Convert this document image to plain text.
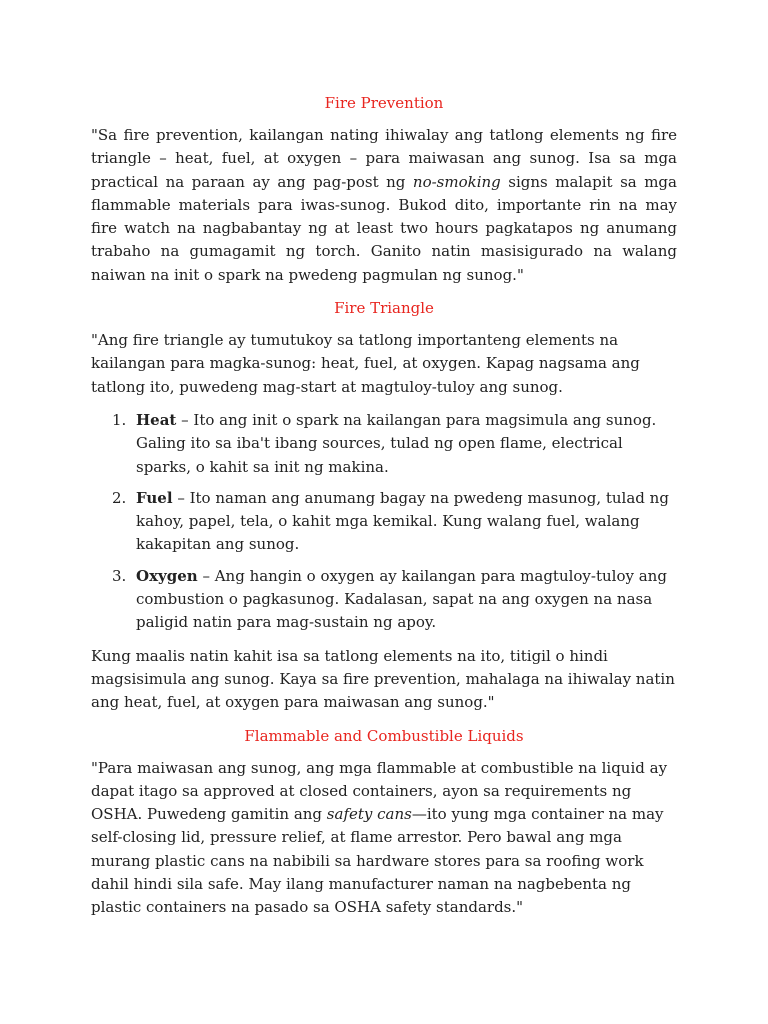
Fire Prevention

"Sa fire prevention, kailangan nating ihiwalay ang tatlong elements ng fire triangle – heat, fuel, at oxygen – para maiwasan ang sunog. Isa sa mga practical na paraan ay ang pag-post ng no-smoking signs malapit sa mga flammable materials para iwas-sunog. Bukod dito, importante rin na may fire watch na nagbabantay ng at least two hours pagkatapos ng anumang trabaho na gumagamit ng torch. Ganito natin masisigurado na walang naiwan na init o spark na pwedeng pagmulan ng sunog."

Fire Triangle

"Ang fire triangle ay tumutukoy sa tatlong importanteng elements na kailangan para magka-sunog: heat, fuel, at oxygen. Kapag nagsama ang tatlong ito, puwedeng mag-start at magtuloy-tuloy ang sunog.

1. Heat – Ito ang init o spark na kailangan para magsimula ang sunog. Galing ito sa iba't ibang sources, tulad ng open flame, electrical sparks, o kahit sa init ng makina.
2. Fuel – Ito naman ang anumang bagay na pwedeng masunog, tulad ng kahoy, papel, tela, o kahit mga kemikal. Kung walang fuel, walang kakapitan ang sunog.
3. Oxygen – Ang hangin o oxygen ay kailangan para magtuloy-tuloy ang combustion o pagkasunog. Kadalasan, sapat na ang oxygen na nasa paligid natin para mag-sustain ng apoy.

Kung maalis natin kahit isa sa tatlong elements na ito, titigil o hindi magsisimula ang sunog. Kaya sa fire prevention, mahalaga na ihiwalay natin ang heat, fuel, at oxygen para maiwasan ang sunog."

Flammable and Combustible Liquids

"Para maiwasan ang sunog, ang mga flammable at combustible na liquid ay dapat itago sa approved at closed containers, ayon sa requirements ng OSHA. Puwedeng gamitin ang safety cans—ito yung mga container na may self-closing lid, pressure relief, at flame arrestor. Pero bawal ang mga murang plastic cans na nabibili sa hardware stores para sa roofing work dahil hindi sila safe. May ilang manufacturer naman na nagbebenta ng plastic containers na pasado sa OSHA safety standards."
